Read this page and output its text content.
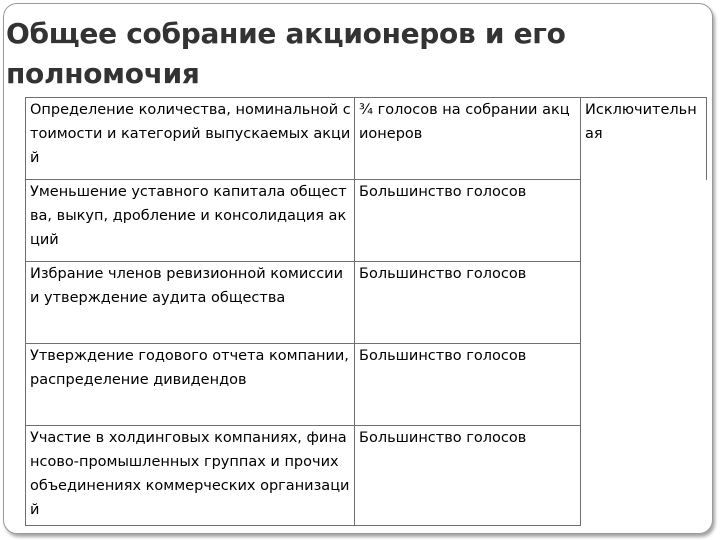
Общее собрание акционеров и его полномочия
Определение количества, номинальной стоимости и категорий выпускаемых акций	¾ голосов на собрании акционеров	Исключительная
Уменьшение уставного капитала общества, выкуп, дробление и консолидация акций	Большинство голосов	
Избрание членов ревизионной комиссии и утверждение аудита общества	Большинство голосов	
Утверждение годового отчета компании, распределение дивидендов	Большинство голосов	
Участие в холдинговых компаниях, финансово-промышленных группах и прочих объединениях коммерческих организаций	Большинство голосов	
